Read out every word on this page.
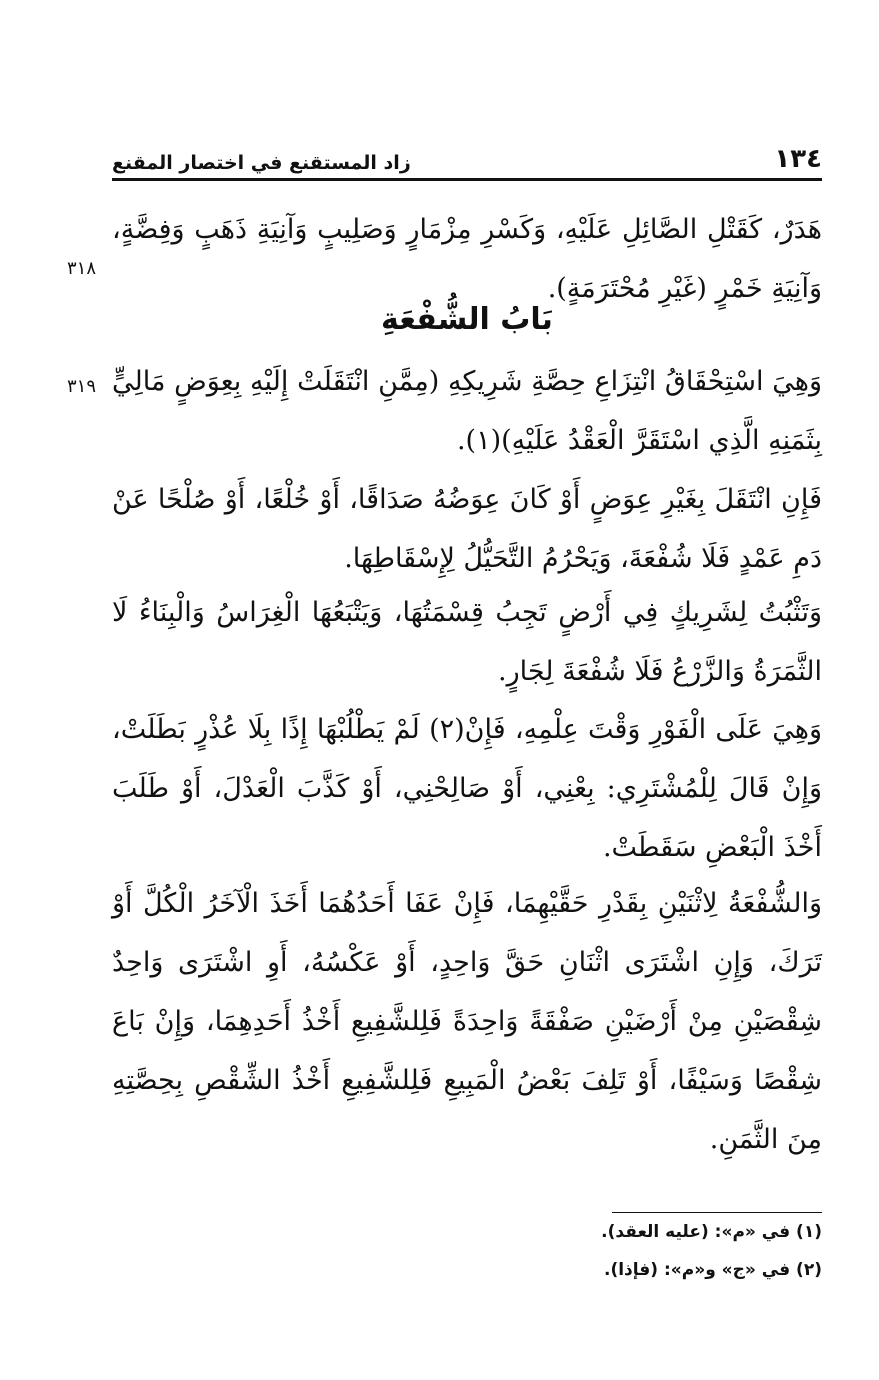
١٣٤
زاد المستقنع في اختصار المقنع

هَدَرٌ، كَقَتْلِ الصَّائِلِ عَلَيْهِ، وَكَسْرِ مِزْمَارٍ وَصَلِيبٍ وَآنِيَةِ ذَهَبٍ وَفِضَّةٍ، وَآنِيَةِ خَمْرٍ (غَيْرِ مُحْتَرَمَةٍ).

٣١٨
بَابُ الشُّفْعَةِ
٣١٩ وَهِيَ اسْتِحْقَاقُ انْتِزَاعِ حِصَّةِ شَرِيكِهِ (مِمَّنِ انْتَقَلَتْ إِلَيْهِ بِعِوَضٍ مَالِيٍّ بِثَمَنِهِ الَّذِي اسْتَقَرَّ الْعَقْدُ عَلَيْهِ)(١).

فَإِنِ انْتَقَلَ بِغَيْرِ عِوَضٍ أَوْ كَانَ عِوَضُهُ صَدَاقًا، أَوْ خُلْعًا، أَوْ صُلْحًا عَنْ دَمِ عَمْدٍ فَلَا شُفْعَةَ، وَيَحْرُمُ التَّحَيُّلُ لِإِسْقَاطِهَا.

وَتَثْبُتُ لِشَرِيكٍ فِي أَرْضٍ تَجِبُ قِسْمَتُهَا، وَيَتْبَعُهَا الْغِرَاسُ وَالْبِنَاءُ لَا الثَّمَرَةُ وَالزَّرْعُ فَلَا شُفْعَةَ لِجَارٍ.

وَهِيَ عَلَى الْفَوْرِ وَقْتَ عِلْمِهِ، فَإِنْ(٢) لَمْ يَطْلُبْهَا إِذًا بِلَا عُذْرٍ بَطَلَتْ، وَإِنْ قَالَ لِلْمُشْتَرِي: بِعْنِي، أَوْ صَالِحْنِي، أَوْ كَذَّبَ الْعَدْلَ، أَوْ طَلَبَ أَخْذَ الْبَعْضِ سَقَطَتْ.

وَالشُّفْعَةُ لِاثْنَيْنِ بِقَدْرِ حَقَّيْهِمَا، فَإِنْ عَفَا أَحَدُهُمَا أَخَذَ الْآخَرُ الْكُلَّ أَوْ تَرَكَ، وَإِنِ اشْتَرَى اثْنَانِ حَقَّ وَاحِدٍ، أَوْ عَكْسُهُ، أَوِ اشْتَرَى وَاحِدٌ شِقْصَيْنِ مِنْ أَرْضَيْنِ صَفْقَةً وَاحِدَةً فَلِلشَّفِيعِ أَخْذُ أَحَدِهِمَا، وَإِنْ بَاعَ شِقْصًا وَسَيْفًا، أَوْ تَلِفَ بَعْضُ الْمَبِيعِ فَلِلشَّفِيعِ أَخْذُ الشِّقْصِ بِحِصَّتِهِ مِنَ الثَّمَنِ.

(١) في «م»: (عليه العقد).

(٢) في «ج» و«م»: (فإذا).
